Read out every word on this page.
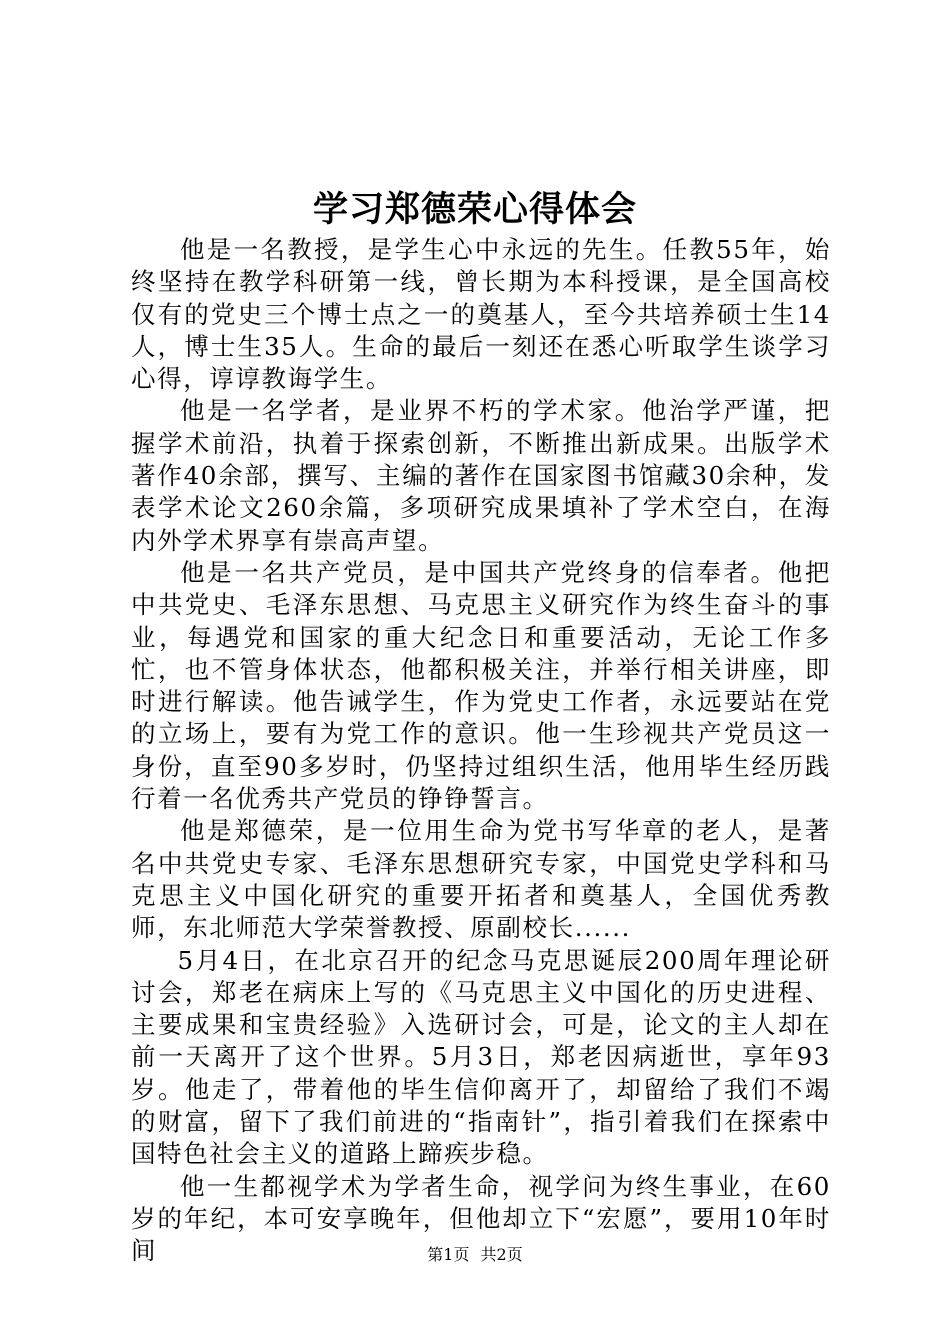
学习郑德荣心得体会

他是一名教授，是学生心中永远的先生。任教55年，始终坚持在教学科研第一线，曾长期为本科授课，是全国高校仅有的党史三个博士点之一的奠基人，至今共培养硕士生14人，博士生35人。生命的最后一刻还在悉心听取学生谈学习心得，谆谆教诲学生。

他是一名学者，是业界不朽的学术家。他治学严谨，把握学术前沿，执着于探索创新，不断推出新成果。出版学术著作40余部，撰写、主编的著作在国家图书馆藏30余种，发表学术论文260余篇，多项研究成果填补了学术空白，在海内外学术界享有崇高声望。

他是一名共产党员，是中国共产党终身的信奉者。他把中共党史、毛泽东思想、马克思主义研究作为终生奋斗的事业，每遇党和国家的重大纪念日和重要活动，无论工作多忙，也不管身体状态，他都积极关注，并举行相关讲座，即时进行解读。他告诫学生，作为党史工作者，永远要站在党的立场上，要有为党工作的意识。他一生珍视共产党员这一身份，直至90多岁时，仍坚持过组织生活，他用毕生经历践行着一名优秀共产党员的铮铮誓言。

他是郑德荣，是一位用生命为党书写华章的老人，是著名中共党史专家、毛泽东思想研究专家，中国党史学科和马克思主义中国化研究的重要开拓者和奠基人，全国优秀教师，东北师范大学荣誉教授、原副校长......

5月4日，在北京召开的纪念马克思诞辰200周年理论研讨会，郑老在病床上写的《马克思主义中国化的历史进程、主要成果和宝贵经验》入选研讨会，可是，论文的主人却在前一天离开了这个世界。5月3日，郑老因病逝世，享年93岁。他走了，带着他的毕生信仰离开了，却留给了我们不竭的财富，留下了我们前进的“指南针”，指引着我们在探索中国特色社会主义的道路上蹄疾步稳。

他一生都视学术为学者生命，视学问为终生事业，在60岁的年纪，本可安享晚年，但他却立下“宏愿”，要用10年时间	第1页 共2页
